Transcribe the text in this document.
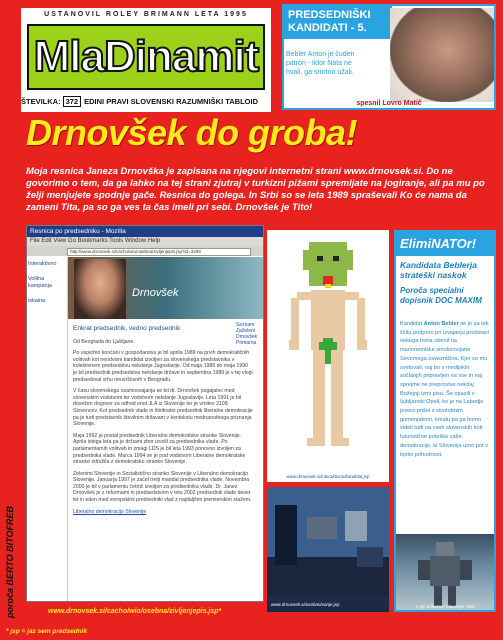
USTANOVIL ROLEY BRIMANN LETA 1995
MlaDinamit
ŠTEVILKA: 372 EDINI PRAVI SLOVENSKI RAZUMNIŠKI TABLOID
PREDSEDNIŠKI KANDIDATI - 5.
Bebler Anton je čuden patron - lidor Nata ne hvali, ga smrtno užali.
spesnil Lovro Matič
Drnovšek do groba!
Moja resnica Janeza Drnovška je zapisana na njegovi internetni strani www.drnovsek.si. Do ne govorimo o tem, da ga lahko na tej strani zjutraj v turkizni pižami spremljate na jogiranje, ali pa mu po želji menjujete spodnje gače. Resnica do golega. In Srbi so se leta 1989 spraševali Ko će nama da zameni Tita, pa so ga ves ta čas imeli pri sebi. Drnovšek je Tito!
poroča BERTO BITOFREB
Resnica po predsedniku - Mozilla
File Edit View Go Bookmarks Tools Window Help
http://www.drnovsek.si/cacho/wio/osebna/zivljenjepis.jsp?id=3209
Interaktivno
Volilna kampanja
iskalna
Drnovšek
Seznam
Zaželeni
Drnovšek
Primarna
Enkrat predsednik, vedno predsednik

Od Beograda do Ljubljane.

Po uspešno končani v gospodarstvu je bil aprila 1989 na prvih demokratičnih volitvah kot neodvisni kandidat izvoljen za slovenskega predstavnika v kolektivnem predsedstvu nekdanje Jugoslavije. Od maja 1989 do maja 1990 je bil predsednik predsedstva nekdanje države in septembra 1989 je v tej vlogi predsedoval vrhu neuvrščenih v Beogradu.

V času slovenskega osamosvajanja se bil dr. Drnovšek pogajalec med slovenskim vodstvom ter vodstvom nekdanje Jugoslavije. Leta 1991 je bil dosežen dogovor za odhod enot JLA iz Slovenije ter je vrnitev 2108 Slovencev. Kot predsednik vlade in štirikratni predsednik liberalne demokracije pa je tudi predstavnik številnim državam v kontekstu mednarodnega priznanja Slovenije.

Maja 1992 je postal predsednik Liberalno demokratske stranke Slovenije. Aprila istega leta pa je državni zbor izvolil za predsednika vlade. Po parlamentarnih volitvah in zmagi LDS je bil leta 1993 ponovno izvoljen za predsednika vlade. Marca 1994 se je pod vodstvom Liberalne demokratske stranke združila z demokratsko stranko Slovenije.

Zelenimi Slovenije in Socialistično stranko Slovenije v Liberalno demokracijo Slovenije. Januarja 1997 je začel tretji mandat predsednika vlade. Novembra 2000 je bil v parlamentu četrtič izvoljen za predsednika vlade. Dr. Janez Drnovšek je z reformami in predsedstvom v letu 2002 predsednik vlade deset let in eden med evropskimi predsedniki vlad z najdaljšim premierskim stažem.

Liberalno demokracijo Slovenije
www.drnovsek.si/cacho/wio/osebna/zivljenjepis.jsp*
* jsp = jaz sem predsednik
www.drnovsek.si/interaktivno/kandidat.jsp
www.drnovsek.si/osebno/sanje.jsp
ElimiNATOr!
Kandidata Beblerja strateški naskok
Poroča specialni dopisnik DOC MAXIM
Kandidat Anton Bebler se je za tek ščitu podporo pri izvajanju predstavi nekega trona obenil na marionetniške sinokonvijane Sevemega zavezništva. Kjer so mu svetovali, naj bo v medijskih sočlanjih pripravljen na vse in naj sprejme ne preprostve nekdaj Božejnji izmi pisu. Še opazili v Ijubljanski Opeli, ko je na Labodje jezero prišel s sivotobnim gumenjakom, kmalu pa ga bomo videli tudi na vseh slovenskih koti futuristične poteške vaše demokracije, ki Slovenija urno pot v lepšo prihodnost.
v igri prikazovi Slovenije Vikki
